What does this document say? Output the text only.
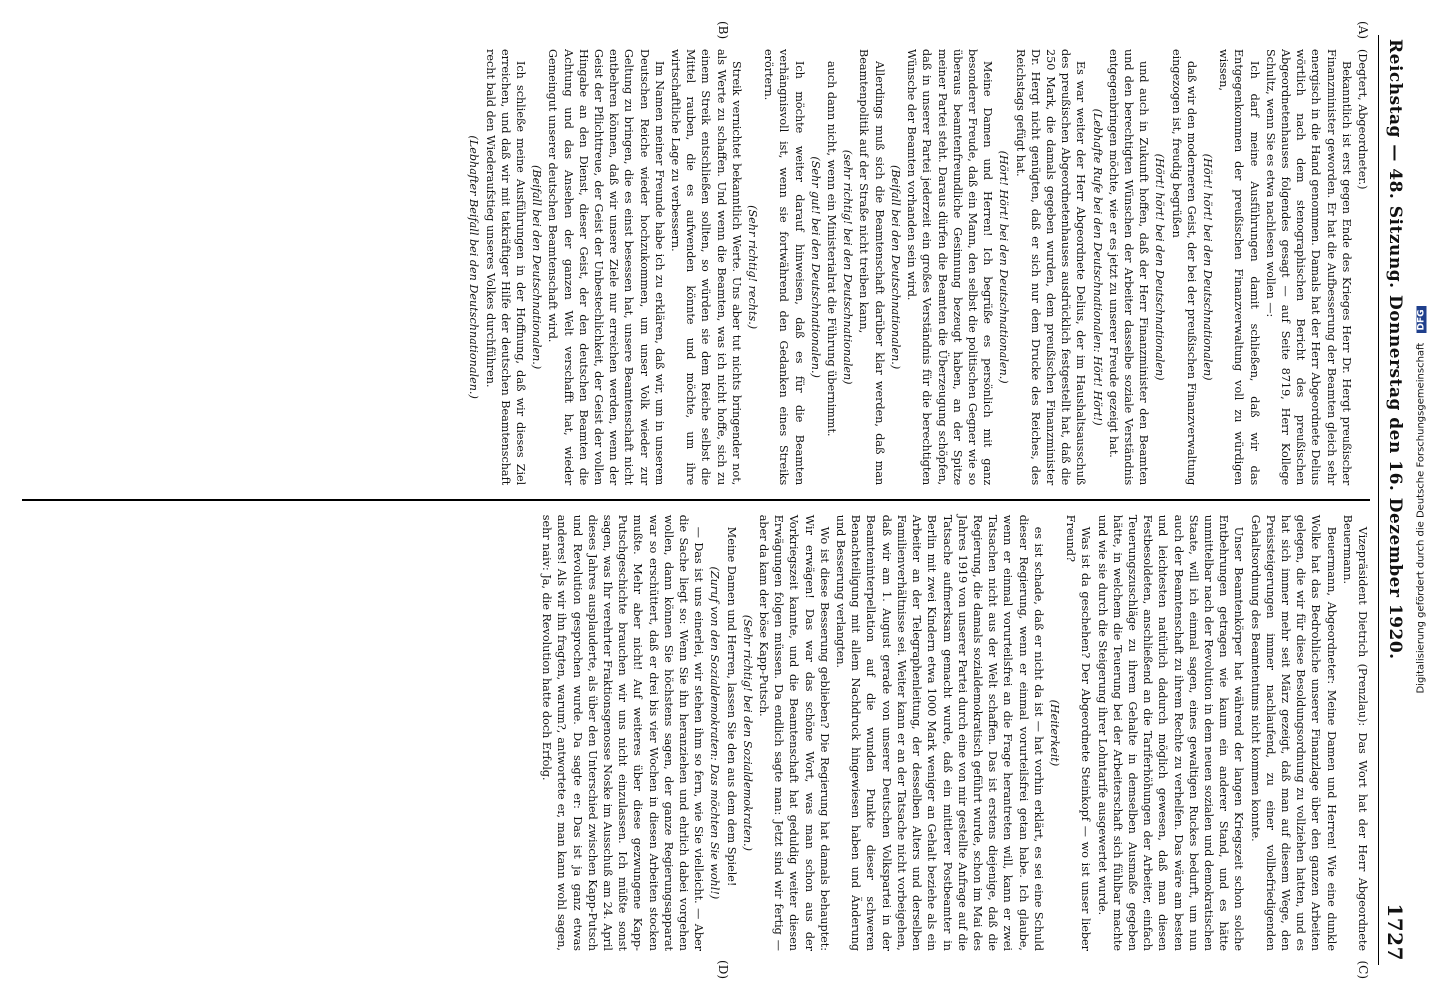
Reichstag — 48. Sitzung. Donnerstag den 16. Dezember 1920.
1727
(A)
(B)

(Degtert, Abgeordneter.)

Bekanntlich ist erst gegen Ende des Krieges Herr Dr. Hergt preußischer Finanzminister geworden. Er hat die Aufbesserung der Beamten gleich sehr energisch in die Hand genommen. Damals hat der Herr Abgeordnete Delius wörtlich nach dem stenographischen Bericht des preußischen Abgeordnetenhauses folgendes gesagt — auf Seite 8719, Herr Kollege Schultz, wenn Sie es etwa nachlesen wollen —:

Ich darf meine Ausführungen damit schließen, daß wir das Entgegenkommen der preußischen Finanzverwaltung voll zu würdigen wissen,

(Hört! hört! bei den Deutschnationalen)

daß wir den moderneren Geist, der bei der preußischen Finanzverwaltung eingezogen ist, freudig begrüßen

(Hört! hört! bei den Deutschnationalen)

und auch in Zukunft hoffen, daß der Herr Finanzminister den Beamten und den berechtigten Wünschen der Arbeiter dasselbe soziale Verständnis entgegenbringen möchte, wie er es jetzt zu unserer Freude gezeigt hat.

(Lebhafte Rufe bei den Deutschnationalen: Hört! Hört!)

Es war weiter der Herr Abgeordnete Delius, der im Haushaltsausschuß des preußischen Abgeordnetenhauses ausdrücklich festgestellt hat, daß die 250 Mark, die damals gegeben wurden, dem preußischen Finanzminister Dr. Hergt nicht genügten, daß er sich nur dem Drucke des Reiches, des Reichstags gefügt hat.

(Hört! Hört! bei den Deutschnationalen.)

Meine Damen und Herren! Ich begrüße es persönlich mit ganz besonderer Freude, daß ein Mann, den selbst die politischen Gegner wie so überaus beamtenfreundliche Gesinnung bezeugt haben, an der Spitze meiner Partei steht. Daraus dürfen die Beamten die Überzeugung schöpfen, daß in unserer Partei jederzeit ein großes Verständnis für die berechtigten Wünsche der Beamten vorhanden sein wird.

(Beifall bei den Deutschnationalen.)

Allerdings muß sich die Beamtenschaft darüber klar werden, daß man Beamtenpolitik auf der Straße nicht treiben kann,

(sehr richtig! bei den Deutschnationalen)

auch dann nicht, wenn ein Ministerialrat die Führung übernimmt.

(Sehr gut! bei den Deutschnationalen.)

Ich möchte weiter darauf hinweisen, daß es für die Beamten verhängnisvoll ist, wenn sie fortwährend den Gedanken eines Streiks erörtern.

(Sehr richtig! rechts.)

Streik vernichtet bekanntlich Werte. Uns aber tut nichts bringender not, als Werte zu schaffen. Und wenn die Beamten, was ich nicht hoffe, sich zu einem Streik entschließen sollten, so würden sie dem Reiche selbst die Mittel rauben, die es aufwenden könnte und möchte, um ihre wirtschaftliche Lage zu verbessern.

Im Namen meiner Freunde habe ich zu erklären, daß wir, um in unserem Deutschen Reiche wieder hochzukommen, um unser Volk wieder zur Geltung zu bringen, die es einst besessen hat, unsere Beamtenschaft nicht entbehren können, daß wir unsere Ziele nur erreichen werden, wenn der Geist der Pflichttreue, der Geist der Unbestechlichkeit, der Geist der vollen Hingabe an den Dienst, dieser Geist, der den deutschen Beamten die Achtung und das Ansehen der ganzen Welt verschafft hat, wieder Gemeingut unserer deutschen Beamtenschaft wird.

(Beifall bei den Deutschnationalen.)

Ich schließe meine Ausführungen in der Hoffnung, daß wir dieses Ziel erreichen, und daß wir mit tatkräftiger Hilfe der deutschen Beamtenschaft recht bald den Wiederaufstieg unseres Volkes durchführen.

(Lebhafter Beifall bei den Deutschnationalen.)

(C)
(D)

Vizepräsident Dietrich (Prenzlau): Das Wort hat der Herr Abgeordnete Beuermann.

Beuermann, Abgeordneter: Meine Damen und Herren! Wie eine dunkle Wolke hat das Bedrohliche unserer Finanzlage über den ganzen Arbeiten gelegen, die wir für diese Besoldungsordnung zu vollziehen hatten, und es hat sich immer mehr seit März gezeigt, daß man auf diesem Wege, den Preissteigerungen immer nachlaufend, zu einer vollbefriedigenden Gehaltsordnung des Beamtentums nicht kommen konnte.

Unser Beamtenkörper hat während der langen Kriegszeit schon solche Entbehrungen getragen wie kaum ein anderer Stand, und es hätte unmittelbar nach der Revolution in dem neuen sozialen und demokratischen Staate, will ich einmal sagen, eines gewaltigen Ruckes bedurft, um nun auch der Beamtenschaft zu ihrem Rechte zu verhelfen. Das wäre am besten und leichtesten natürlich dadurch möglich gewesen, daß man diesen Festbesoldeten, anschließend an die Tariferhöhungen der Arbeiter, einfach Teuerungszuschläge zu ihrem Gehalte in demselben Ausmaße gegeben hätte, in welchem die Teuerung bei der Arbeiterschaft sich fühlbar machte und wie sie durch die Steigerung ihrer Lohntarife ausgewertet wurde.

Was ist da geschehen? Der Abgeordnete Steinkopf — wo ist unser lieber Freund?

(Heiterkeit)

es ist schade, daß er nicht da ist — hat vorhin erklärt, es sei eine Schuld dieser Regierung, wenn er einmal vorurteilsfrei getan habe. Ich glaube, wenn er einmal vorurteilsfrei an die Frage herantreten will, kann er zwei Tatsachen nicht aus der Welt schaffen. Das ist erstens diejenige, daß die Regierung, die damals sozialdemokratisch geführt wurde, schon im Mai des Jahres 1919 von unserer Partei durch eine von mir gestellte Anfrage auf die Tatsache aufmerksam gemacht wurde, daß ein mittlerer Postbeamter in Berlin mit zwei Kindern etwa 1000 Mark weniger an Gehalt beziehe als ein Arbeiter an der Telegraphenleitung, der desselben Alters und derselben Familienverhältnisse sei. Weiter kann er an der Tatsache nicht vorbeigehen, daß wir am 1. August gerade von unserer Deutschen Volkspartei in der Beamteninterpellation auf die wunden Punkte dieser schweren Benachteiligung mit allem Nachdruck hingewiesen haben und Änderung und Besserung verlangten.

Wo ist diese Besserung geblieben? Die Regierung hat damals behauptet: Wir erwägen! Das war das schöne Wort, was man schon aus der Vorkriegszeit kannte, und die Beamtenschaft hat geduldig weiter diesen Erwägungen folgen müssen. Da endlich sagte man: Jetzt sind wir fertig — aber da kam der böse Kapp-Putsch.

(Sehr richtig! bei den Sozialdemokraten.)

Meine Damen und Herren, lassen Sie den aus dem dem Spiele!

(Zuruf von den Sozialdemokraten: Das möchten Sie wohl!)

— Das ist uns einerlei, wir stehen ihm so fern, wie Sie vielleicht. — Aber die Sache liegt so: Wenn Sie ihn heranziehen und ehrlich dabei vorgehen wollen, dann können Sie höchstens sagen, der ganze Regierungsapparat war so erschüttert, daß er drei bis vier Wochen in diesen Arbeiten stocken mußte. Mehr aber nicht! Auf weiteres über diese gezwungene Kapp-Putschgeschichte brauchen wir uns nicht einzulassen. Ich müßte sonst sagen, was Ihr verehrter Fraktionsgenosse Noske im Ausschuß am 24. April dieses Jahres ausplauderte, als über den Unterschied zwischen Kapp-Putsch und Revolution gesprochen wurde. Da sagte er: Das ist ja ganz etwas anderes! Als wir ihn fragten, warum?, antwortete er, man kann wohl sagen, sehr naiv: Ja, die Revolution hatte doch Erfolg.	Digitalisierung gefördert durch die Deutsche Forschungsgemeinschaft DFG
